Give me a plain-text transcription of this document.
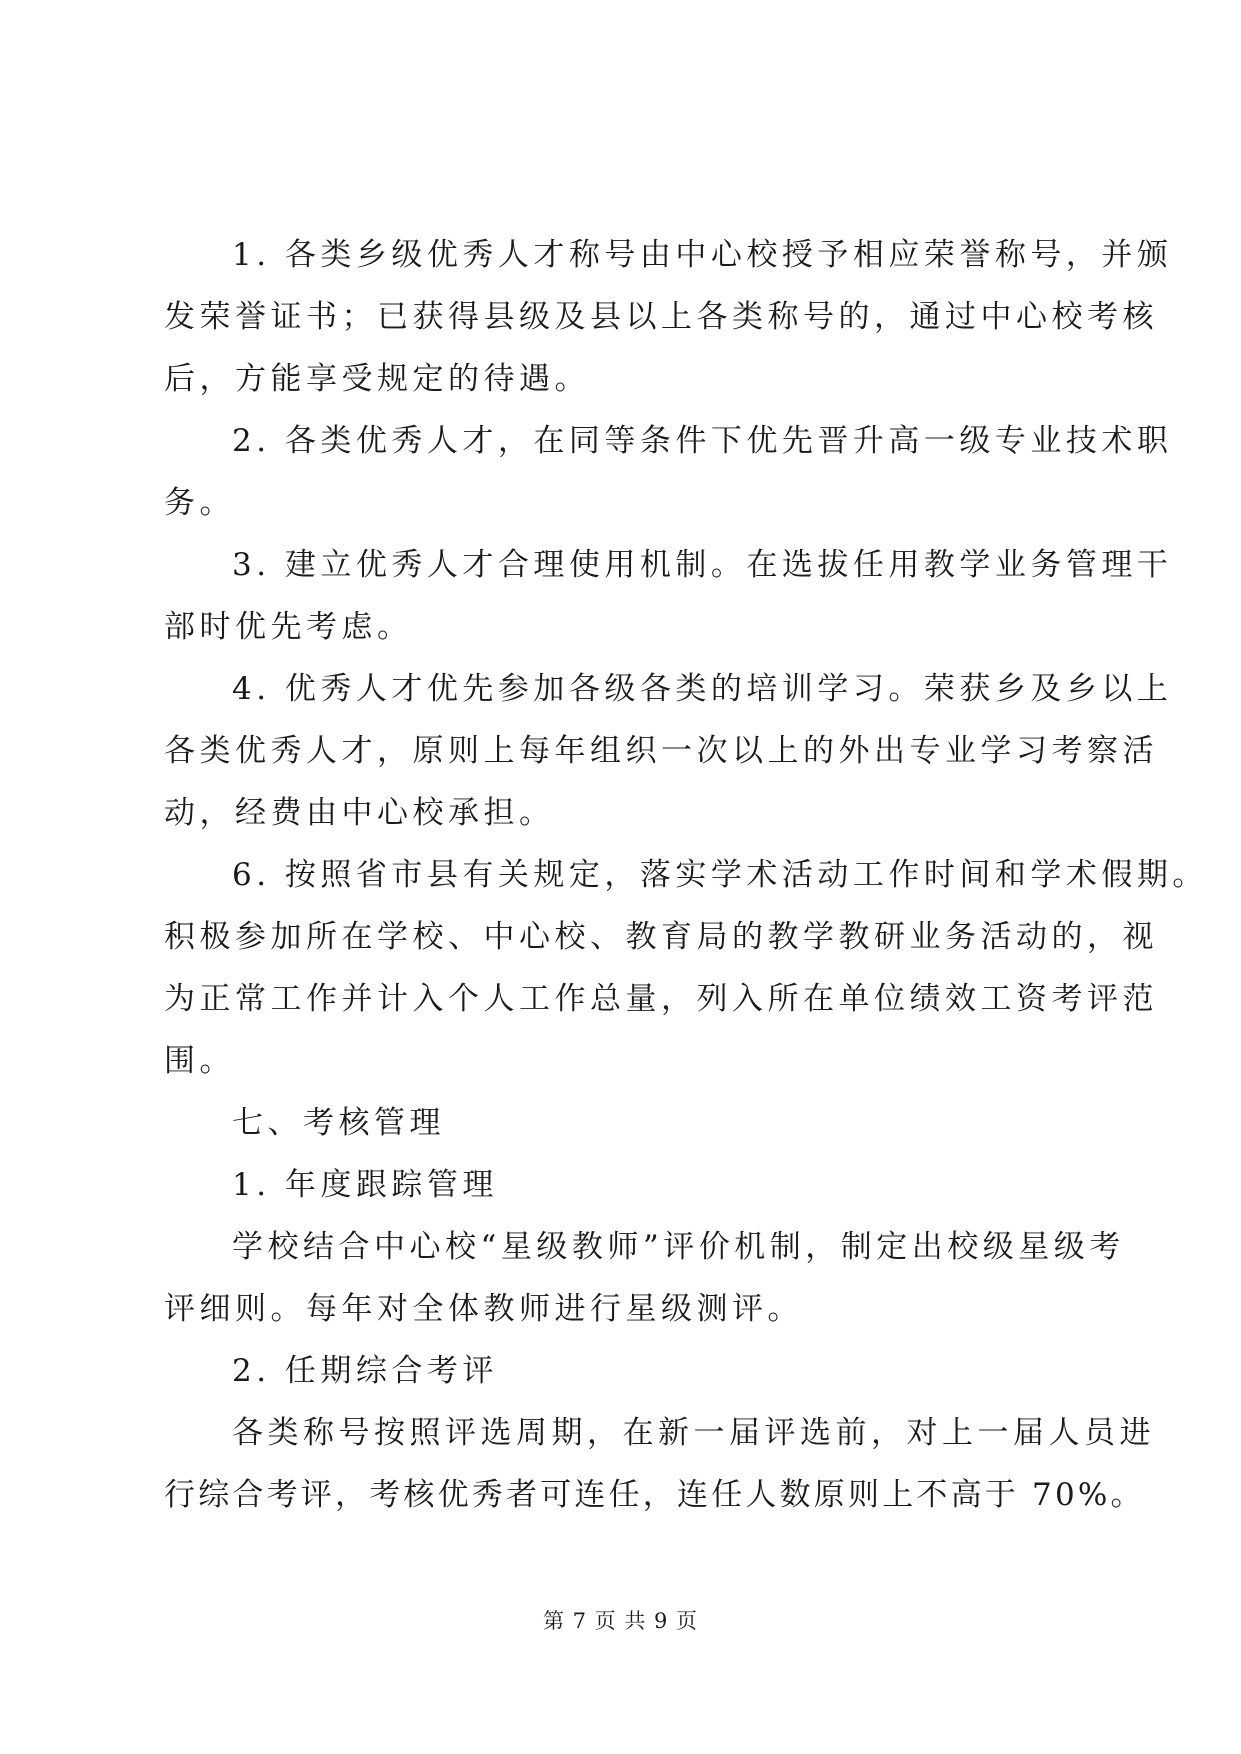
1. 各类乡级优秀人才称号由中心校授予相应荣誉称号，并颁
发荣誉证书；已获得县级及县以上各类称号的，通过中心校考核
后，方能享受规定的待遇。
2. 各类优秀人才，在同等条件下优先晋升高一级专业技术职
务。
3. 建立优秀人才合理使用机制。在选拔任用教学业务管理干
部时优先考虑。
4. 优秀人才优先参加各级各类的培训学习。荣获乡及乡以上
各类优秀人才，原则上每年组织一次以上的外出专业学习考察活
动，经费由中心校承担。
6. 按照省市县有关规定，落实学术活动工作时间和学术假期。
积极参加所在学校、中心校、教育局的教学教研业务活动的，视
为正常工作并计入个人工作总量，列入所在单位绩效工资考评范
围。
七、考核管理
1. 年度跟踪管理
学校结合中心校“星级教师”评价机制，制定出校级星级考
评细则。每年对全体教师进行星级测评。
2. 任期综合考评
各类称号按照评选周期，在新一届评选前，对上一届人员进
行综合考评，考核优秀者可连任，连任人数原则上不高于 70%。
第 7 页 共 9 页
